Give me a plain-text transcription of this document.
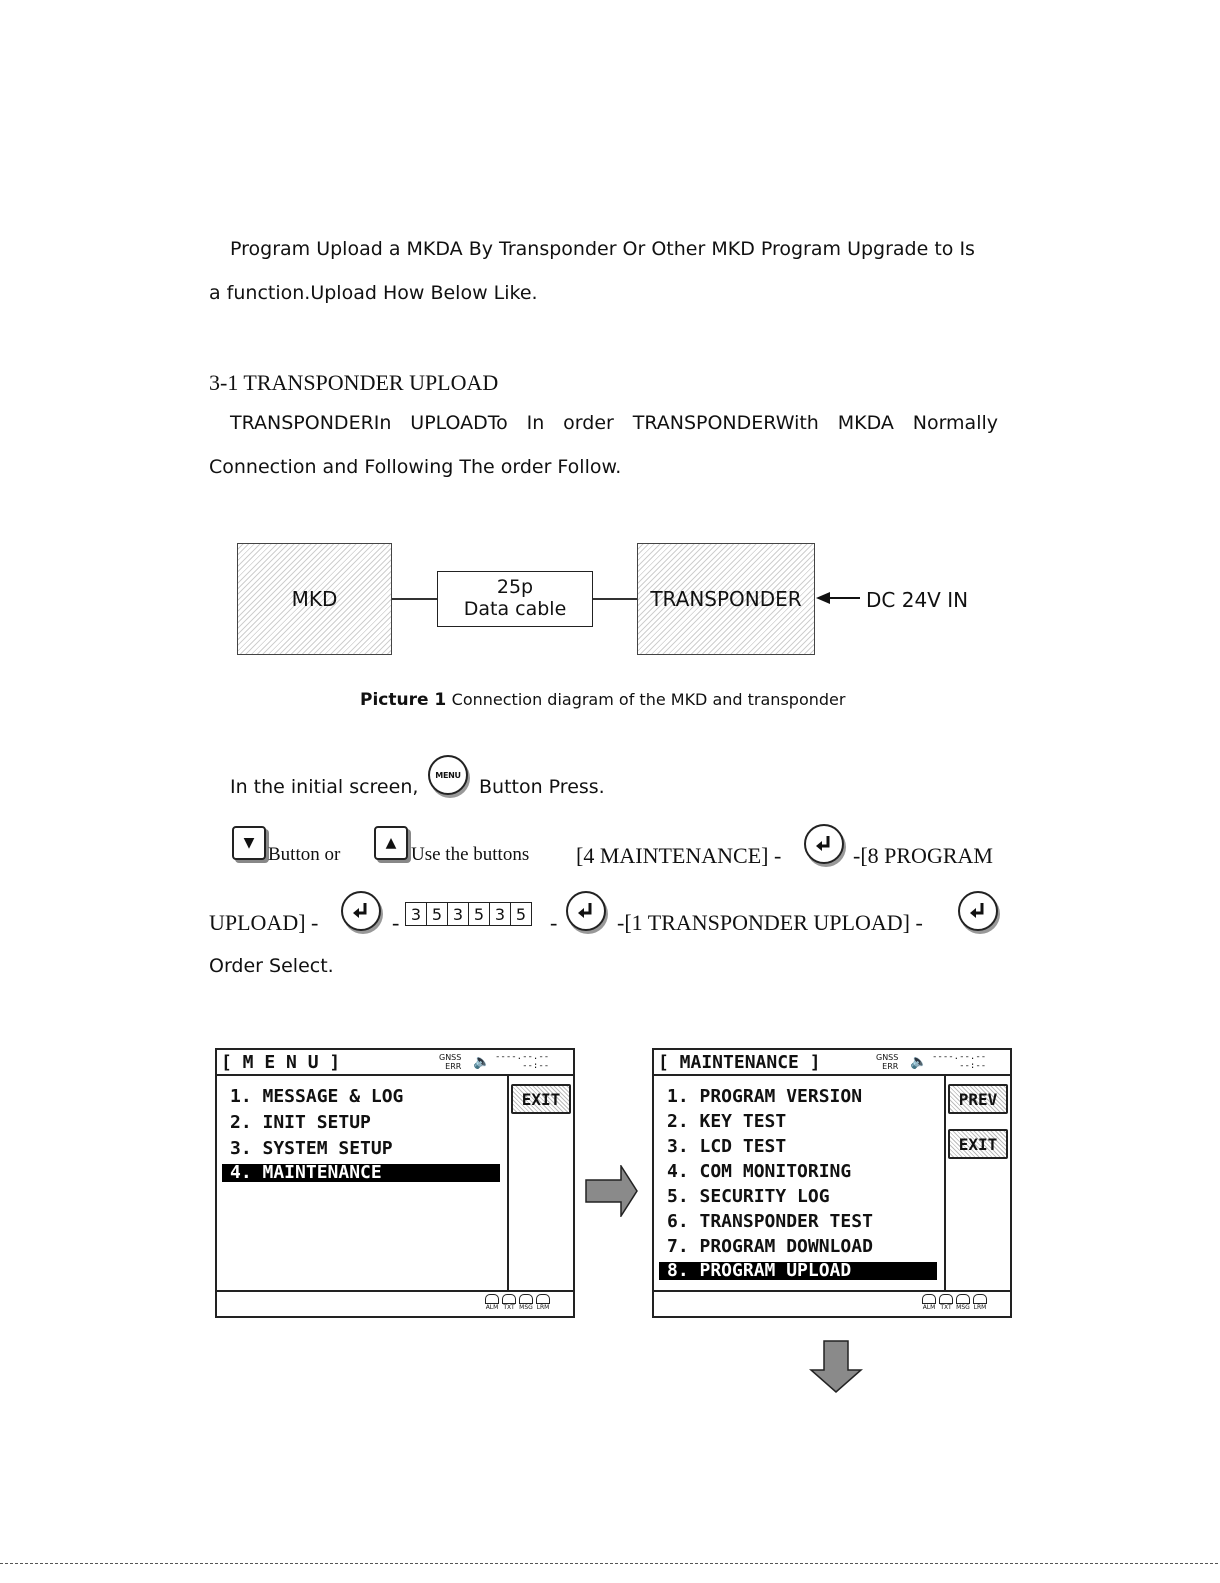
Program Upload a MKDA By Transponder Or Other MKD Program Upgrade to Is
a function.Upload How Below Like.
3-1 TRANSPONDER UPLOAD
TRANSPONDERIn UPLOADTo In order TRANSPONDERWith MKDA Normally
Connection and Following The order Follow.
MKD	25p
Data cable	TRANSPONDER	DC 24V IN
Picture 1 Connection diagram of the MKD and transponder
In the initial screen,
MENU
Button Press.
▼
Button or
▲
Use the buttons [4 MAINTENANCE] -	-[8 PROGRAM
UPLOAD] -	- 3 5 3 5 3 5 -	-[1 TRANSPONDER UPLOAD] -
Order Select.
[ M E N U ]	GNSS
ERR 🔈 ----.--.--
--:--
1. MESSAGE & LOG
2. INIT SETUP
3. SYSTEM SETUP
4. MAINTENANCE
EXIT
ALM TXT MSG LRM
[ MAINTENANCE ]	GNSS
ERR 🔈 ----.--.--
--:--
1. PROGRAM VERSION
2. KEY TEST
3. LCD TEST
4. COM MONITORING
5. SECURITY LOG
6. TRANSPONDER TEST
7. PROGRAM DOWNLOAD
8. PROGRAM UPLOAD
PREV
EXIT
ALM TXT MSG LRM
